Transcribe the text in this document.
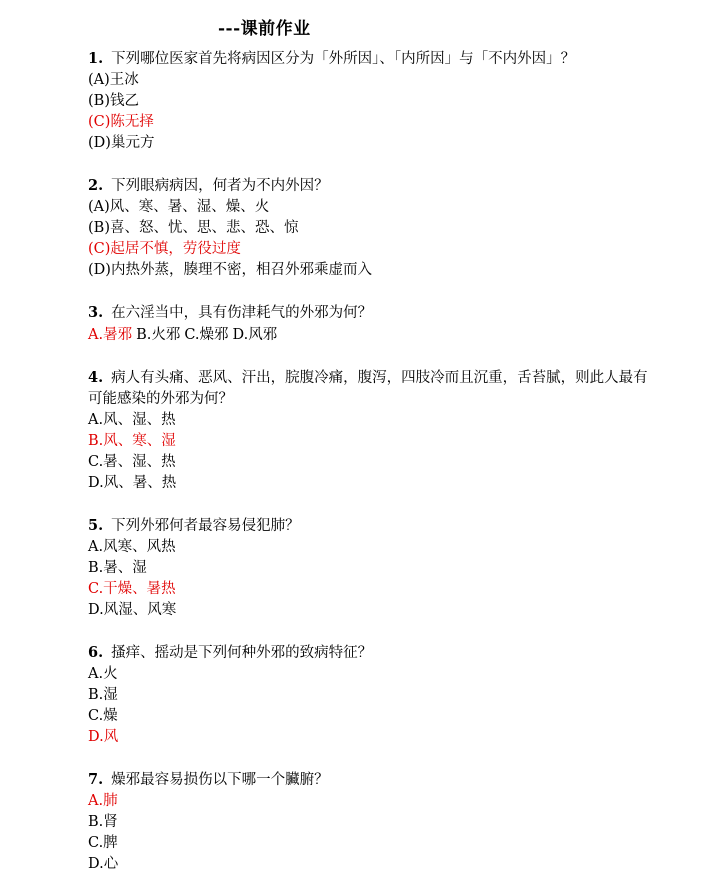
---课前作业
1. 下列哪位医家首先将病因区分为「外所因」、「内所因」与「不内外因」？
(A)王冰
(B)钱乙
(C)陈无择
(D)巢元方
2. 下列眼病病因，何者为不内外因？
(A)风、寒、暑、湿、燥、火
(B)喜、怒、忧、思、悲、恐、惊
(C)起居不慎，劳役过度
(D)内热外蒸，腠理不密，相召外邪乘虚而入
3. 在六淫当中，具有伤津耗气的外邪为何？
A.暑邪 B.火邪 C.燥邪 D.风邪
4. 病人有头痛、恶风、汗出，脘腹冷痛，腹泻，四肢冷而且沉重，舌苔腻，则此人最有可能感染的外邪为何？
A.风、湿、热
B.风、寒、湿
C.暑、湿、热
D.风、暑、热
5. 下列外邪何者最容易侵犯肺？
A.风寒、风热
B.暑、湿
C.干燥、暑热
D.风湿、风寒
6. 搔痒、摇动是下列何种外邪的致病特征？
A.火
B.湿
C.燥
D.风
7. 燥邪最容易损伤以下哪一个臟腑？
A.肺
B.肾
C.脾
D.心
